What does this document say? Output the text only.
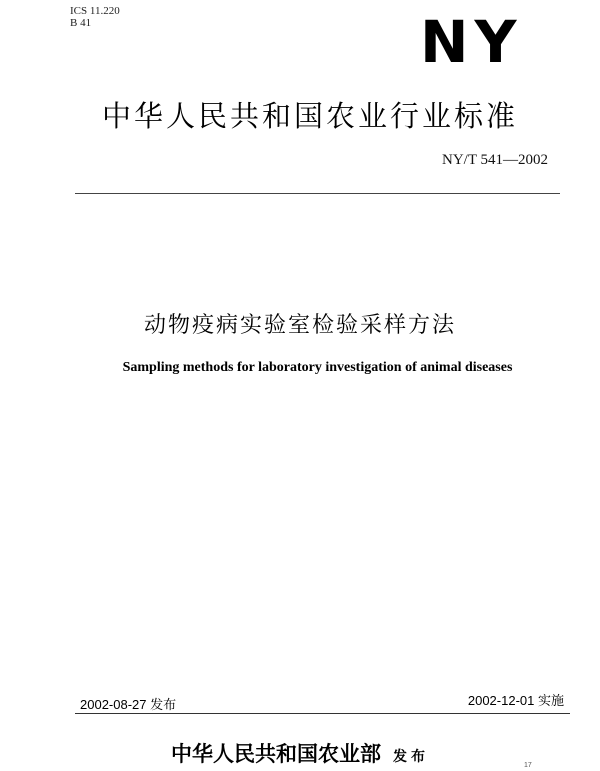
ICS 11.220
B 41	NY
中华人民共和国农业行业标准
NY/T 541—2002
动物疫病实验室检验采样方法
Sampling methods for laboratory investigation of animal diseases
2002-08-27 发布	2002-12-01 实施
中华人民共和国农业部 发布
17
